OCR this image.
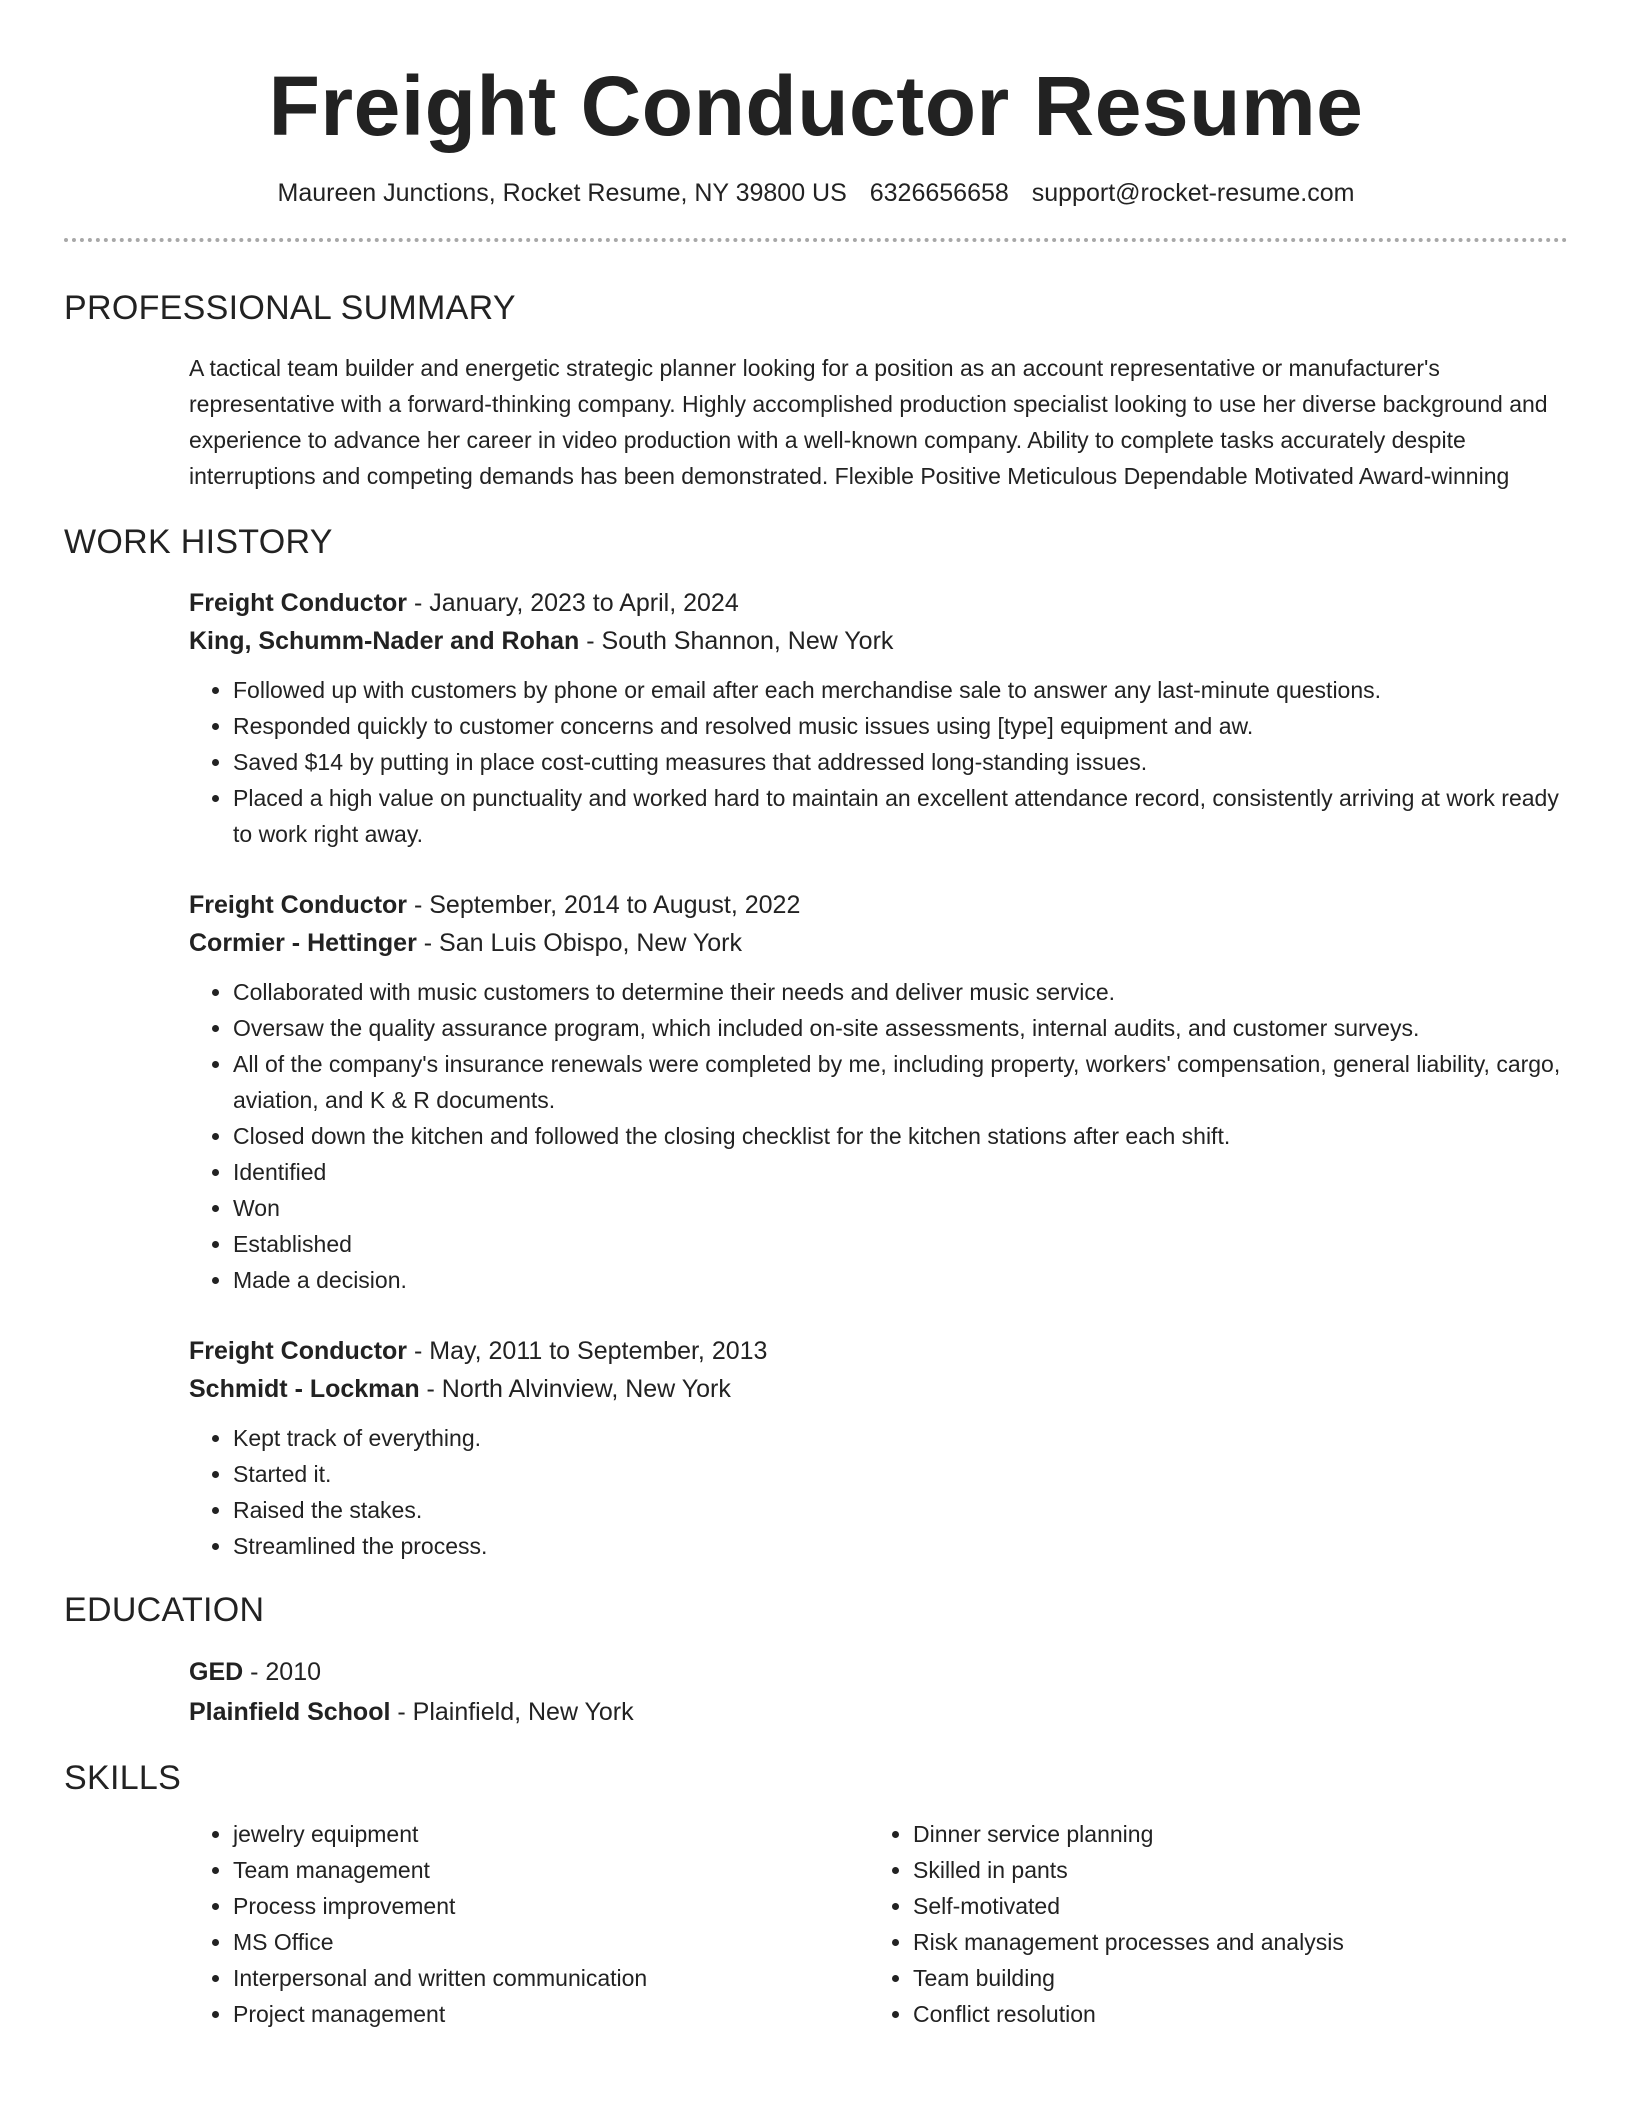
Freight Conductor Resume
Maureen Junctions, Rocket Resume, NY 39800 US 6326656658 support@rocket-resume.com
PROFESSIONAL SUMMARY
A tactical team builder and energetic strategic planner looking for a position as an account representative or manufacturer's representative with a forward-thinking company. Highly accomplished production specialist looking to use her diverse background and experience to advance her career in video production with a well-known company. Ability to complete tasks accurately despite interruptions and competing demands has been demonstrated. Flexible Positive Meticulous Dependable Motivated Award-winning
WORK HISTORY
Freight Conductor - January, 2023 to April, 2024
King, Schumm-Nader and Rohan - South Shannon, New York
• Followed up with customers by phone or email after each merchandise sale to answer any last-minute questions.
• Responded quickly to customer concerns and resolved music issues using [type] equipment and aw.
• Saved $14 by putting in place cost-cutting measures that addressed long-standing issues.
• Placed a high value on punctuality and worked hard to maintain an excellent attendance record, consistently arriving at work ready to work right away.
Freight Conductor - September, 2014 to August, 2022
Cormier - Hettinger - San Luis Obispo, New York
• Collaborated with music customers to determine their needs and deliver music service.
• Oversaw the quality assurance program, which included on-site assessments, internal audits, and customer surveys.
• All of the company's insurance renewals were completed by me, including property, workers' compensation, general liability, cargo, aviation, and K & R documents.
• Closed down the kitchen and followed the closing checklist for the kitchen stations after each shift.
• Identified
• Won
• Established
• Made a decision.
Freight Conductor - May, 2011 to September, 2013
Schmidt - Lockman - North Alvinview, New York
• Kept track of everything.
• Started it.
• Raised the stakes.
• Streamlined the process.
EDUCATION
GED - 2010
Plainfield School - Plainfield, New York
SKILLS
• jewelry equipment
• Team management
• Process improvement
• MS Office
• Interpersonal and written communication
• Project management
• Dinner service planning
• Skilled in pants
• Self-motivated
• Risk management processes and analysis
• Team building
• Conflict resolution
